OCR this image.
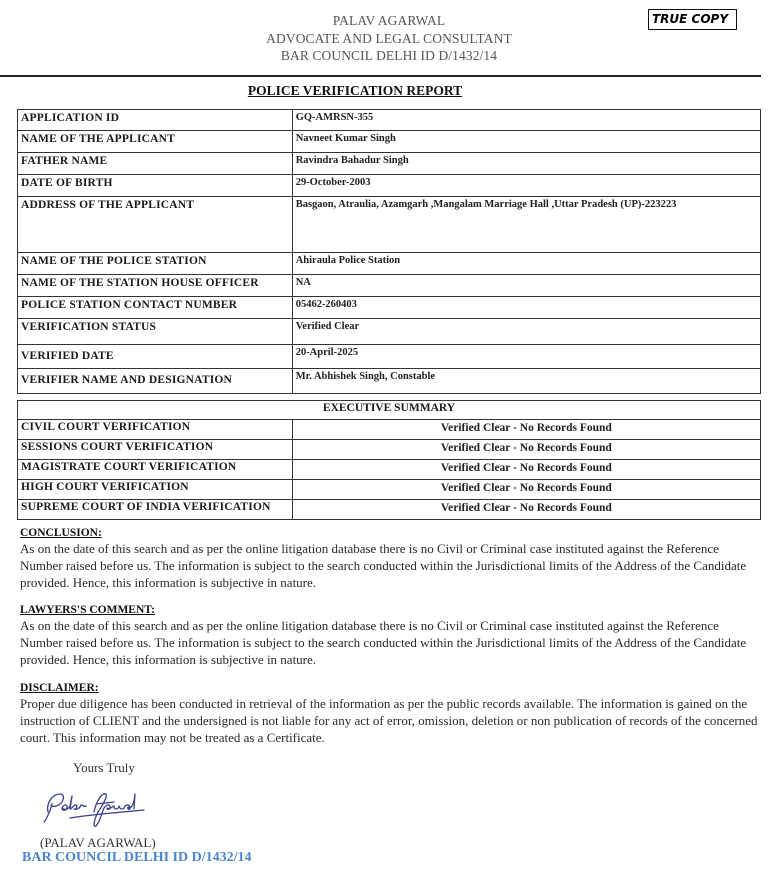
PALAV AGARWAL
ADVOCATE AND LEGAL CONSULTANT
BAR COUNCIL DELHI ID D/1432/14
TRUE COPY
POLICE VERIFICATION REPORT
APPLICATION ID	GQ-AMRSN-355
NAME OF THE APPLICANT	Navneet Kumar Singh
FATHER NAME	Ravindra Bahadur Singh
DATE OF BIRTH	29-October-2003
ADDRESS OF THE APPLICANT	Basgaon, Atraulia, Azamgarh ,Mangalam Marriage Hall ,Uttar Pradesh (UP)-223223
NAME OF THE POLICE STATION	Ahiraula Police Station
NAME OF THE STATION HOUSE OFFICER	NA
POLICE STATION CONTACT NUMBER	05462-260403
VERIFICATION STATUS	Verified Clear
VERIFIED DATE	20-April-2025
VERIFIER NAME AND DESIGNATION	Mr. Abhishek Singh, Constable
EXECUTIVE SUMMARY	
CIVIL COURT VERIFICATION	Verified Clear - No Records Found
SESSIONS COURT VERIFICATION	Verified Clear - No Records Found
MAGISTRATE COURT VERIFICATION	Verified Clear - No Records Found
HIGH COURT VERIFICATION	Verified Clear - No Records Found
SUPREME COURT OF INDIA VERIFICATION	Verified Clear - No Records Found
CONCLUSION:
As on the date of this search and as per the online litigation database there is no Civil or Criminal case instituted against the Reference Number raised before us. The information is subject to the search conducted within the Jurisdictional limits of the Address of the Candidate provided. Hence, this information is subjective in nature.
LAWYERS'S COMMENT:
As on the date of this search and as per the online litigation database there is no Civil or Criminal case instituted against the Reference Number raised before us. The information is subject to the search conducted within the Jurisdictional limits of the Address of the Candidate provided. Hence, this information is subjective in nature.
DISCLAIMER:
Proper due diligence has been conducted in retrieval of the information as per the public records available. The information is gained on the instruction of CLIENT and the undersigned is not liable for any act of error, omission, deletion or non publication of records of the concerned court. This information may not be treated as a Certificate.
Yours Truly
(PALAV AGARWAL)
BAR COUNCIL DELHI ID D/1432/14
